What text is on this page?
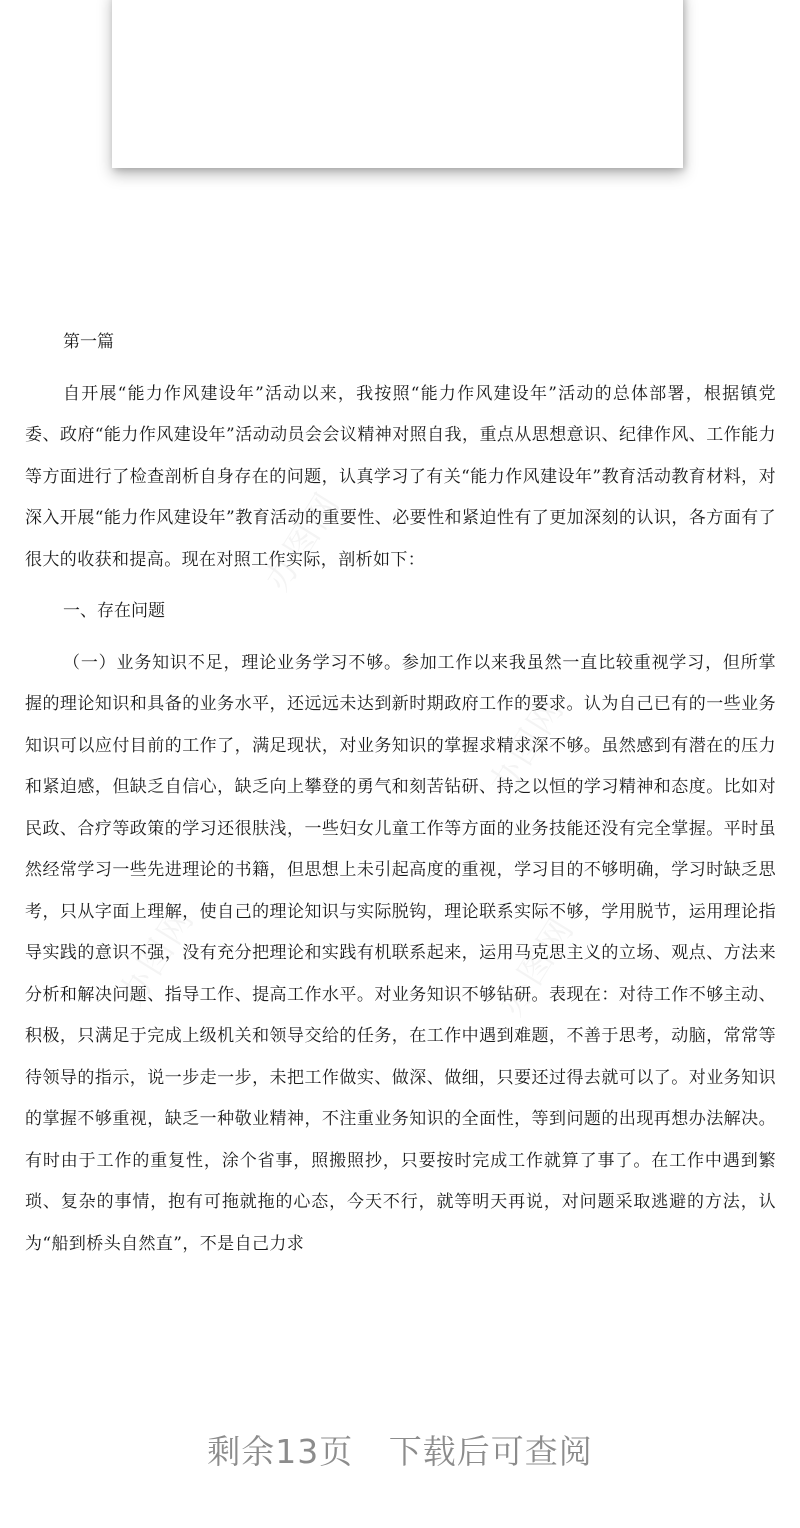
办图网
办图网
办图网	办图网

第一篇

自开展“能力作风建设年”活动以来，我按照“能力作风建设年”活动的总体部署，根据镇党委、政府“能力作风建设年”活动动员会会议精神对照自我，重点从思想意识、纪律作风、工作能力等方面进行了检查剖析自身存在的问题，认真学习了有关“能力作风建设年”教育活动教育材料，对深入开展“能力作风建设年”教育活动的重要性、必要性和紧迫性有了更加深刻的认识，各方面有了很大的收获和提高。现在对照工作实际，剖析如下：

一、存在问题

（一）业务知识不足，理论业务学习不够。参加工作以来我虽然一直比较重视学习，但所掌握的理论知识和具备的业务水平，还远远未达到新时期政府工作的要求。认为自己已有的一些业务知识可以应付目前的工作了，满足现状，对业务知识的掌握求精求深不够。虽然感到有潜在的压力和紧迫感，但缺乏自信心，缺乏向上攀登的勇气和刻苦钻研、持之以恒的学习精神和态度。比如对民政、合疗等政策的学习还很肤浅，一些妇女儿童工作等方面的业务技能还没有完全掌握。平时虽然经常学习一些先进理论的书籍，但思想上未引起高度的重视，学习目的不够明确，学习时缺乏思考，只从字面上理解，使自己的理论知识与实际脱钩，理论联系实际不够，学用脱节，运用理论指导实践的意识不强，没有充分把理论和实践有机联系起来，运用马克思主义的立场、观点、方法来分析和解决问题、指导工作、提高工作水平。对业务知识不够钻研。表现在：对待工作不够主动、积极，只满足于完成上级机关和领导交给的任务，在工作中遇到难题，不善于思考，动脑，常常等待领导的指示，说一步走一步，未把工作做实、做深、做细，只要还过得去就可以了。对业务知识的掌握不够重视，缺乏一种敬业精神，不注重业务知识的全面性，等到问题的出现再想办法解决。有时由于工作的重复性，涂个省事，照搬照抄，只要按时完成工作就算了事了。在工作中遇到繁琐、复杂的事情，抱有可拖就拖的心态，今天不行，就等明天再说，对问题采取逃避的方法，认为“船到桥头自然直”，不是自己力求

剩余13页 下载后可查阅
